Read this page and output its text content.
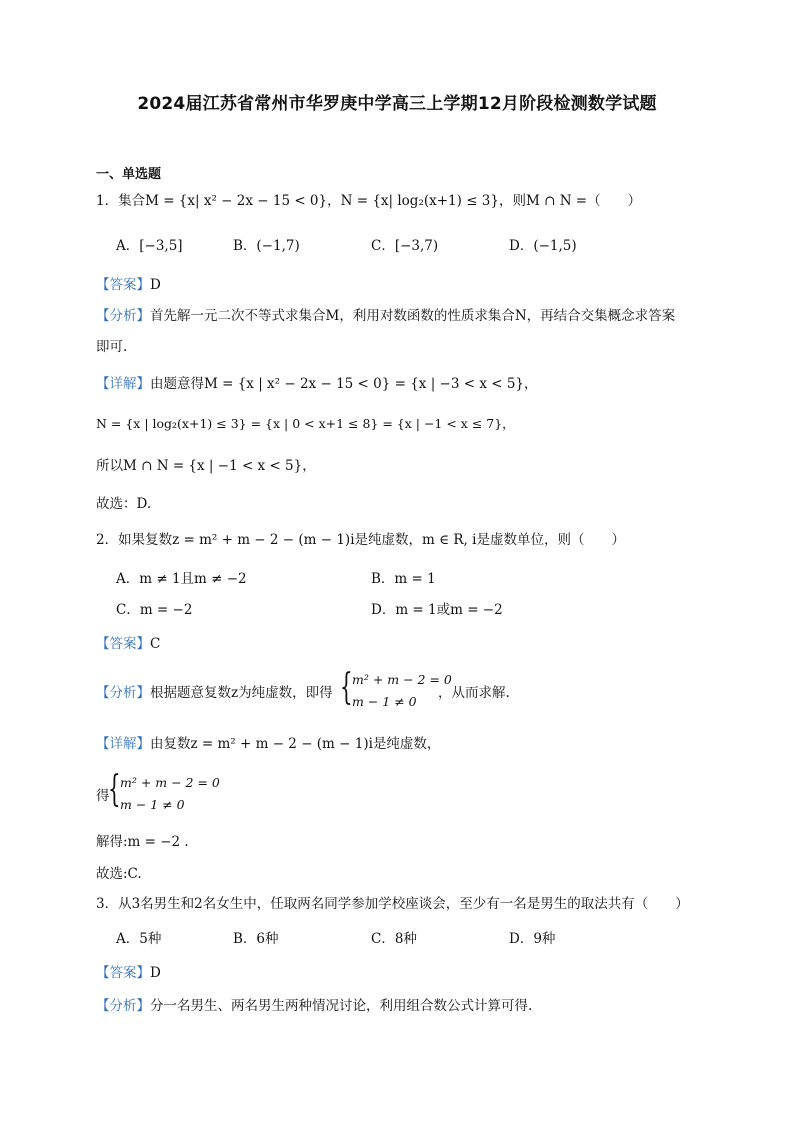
2024届江苏省常州市华罗庚中学高三上学期12月阶段检测数学试题
一、单选题
1．集合M = {x| x² − 2x − 15 < 0}，N = {x| log₂(x+1) ≤ 3}，则M ∩ N =（　　）
A．[−3,5]	B．(−1,7)	C．[−3,7)	D．(−1,5)
【答案】D
【分析】首先解一元二次不等式求集合M，利用对数函数的性质求集合N，再结合交集概念求答案
即可.
【详解】由题意得M = {x | x² − 2x − 15 < 0} = {x | −3 < x < 5}，
N = {x | log₂(x+1) ≤ 3} = {x | 0 < x+1 ≤ 8} = {x | −1 < x ≤ 7}，
所以M ∩ N = {x | −1 < x < 5}，
故选：D.
2．如果复数z = m² + m − 2 − (m − 1)i是纯虚数，m ∈ R, i是虚数单位，则（　　）
A．m ≠ 1且m ≠ −2	B．m = 1
C．m = −2	D．m = 1或m = −2
【答案】C
【分析】根据题意复数z为纯虚数，即得 { m² + m − 2 = 0
m − 1 ≠ 0
，从而求解.
【详解】由复数z = m² + m − 2 − (m − 1)i是纯虚数，
得
{ m² + m − 2 = 0
m − 1 ≠ 0
解得:m = −2 .
故选:C.
3．从3名男生和2名女生中，任取两名同学参加学校座谈会，至少有一名是男生的取法共有（　　）
A．5种	B．6种	C．8种	D．9种
【答案】D
【分析】分一名男生、两名男生两种情况讨论，利用组合数公式计算可得.
